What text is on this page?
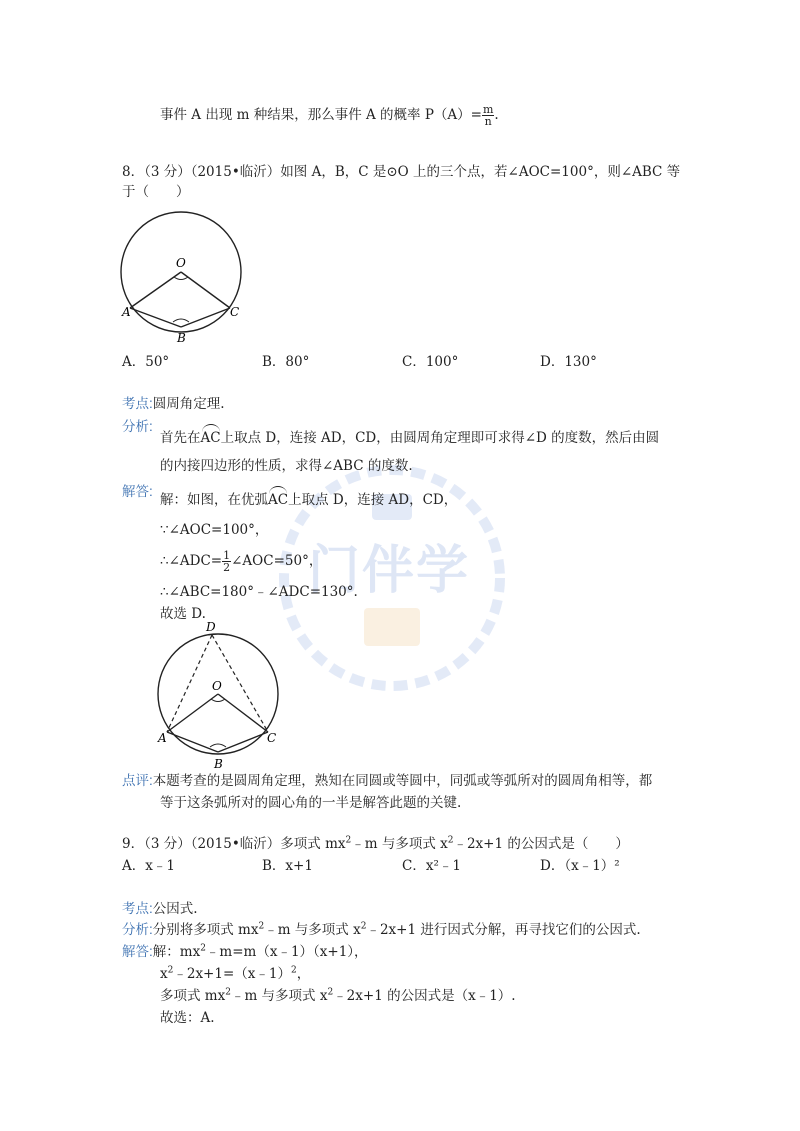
门伴学
事件 A 出现 m 种结果，那么事件 A 的概率 $P(A)= \frac{m}{n}$ .
8．（3 分）（2015•临沂）如图 A，B，C 是⊙O 上的三个点，若∠AOC=100°，则∠ABC 等
于（　　）
O
A
B
C
A．50°	B．80°	C．100°	D．130°
考点:圆周角定理.
分析:
首先在AC上取点 D，连接 AD，CD，由圆周角定理即可求得∠D 的度数，然后由圆
的内接四边形的性质，求得∠ABC 的度数.
解答:
解：如图，在优弧AC上取点 D，连接 AD，CD，
∵∠AOC=100°，
∴∠ADC= $\frac{1}{2}$ ∠AOC=50°，
∴∠ABC=180°﹣∠ADC=130°.
故选 D.
D
O
A
B
C
点评:本题考查的是圆周角定理，熟知在同圆或等圆中，同弧或等弧所对的圆周角相等，都
等于这条弧所对的圆心角的一半是解答此题的关键.
9．（3 分）（2015•临沂）多项式 $mx^2﹣m$ 与多项式 $x^2﹣2x+1$ 的公因式是（　　）
A．x﹣1	B．x+1	C．x²﹣1	D．（x﹣1）²
考点:公因式.
分析:分别将多项式 $mx^2﹣m$ 与多项式 $x^2﹣2x+1$ 进行因式分解，再寻找它们的公因式.
解答:解：$mx^2﹣m=m(x﹣1)(x+1)$，
$x^2﹣2x+1=(x﹣1)^2$，
多项式 $mx^2﹣m$ 与多项式 $x^2﹣2x+1$ 的公因式是（x﹣1）.
故选：A.
